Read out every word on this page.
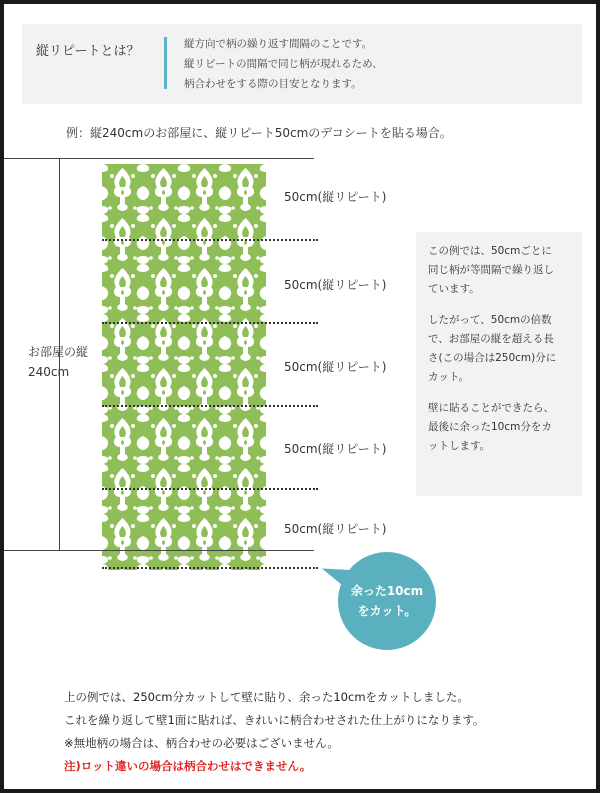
縦リピートとは？	縦方向で柄の繰り返す間隔のことです。
縦リピートの間隔で同じ柄が現れるため、
柄合わせをする際の目安となります。
例：縦240cmのお部屋に、縦リピート50cmのデコシートを貼る場合。
お部屋の縦
240cm
50cm(縦リピート)
50cm(縦リピート)
50cm(縦リピート)
50cm(縦リピート)
50cm(縦リピート)

この例では、50cmごとに
同じ柄が等間隔で繰り返し
ています。

したがって、50cmの倍数
で、お部屋の縦を超える長
さ(この場合は250cm)分に
カット。

壁に貼ることができたら、
最後に余った10cm分をカ
ットします。

余った10cm
をカット。
上の例では、250cm分カットして壁に貼り、余った10cmをカットしました。
これを繰り返して壁1面に貼れば、きれいに柄合わせされた仕上がりになります。
※無地柄の場合は、柄合わせの必要はございません。
注)ロット違いの場合は柄合わせはできません。
